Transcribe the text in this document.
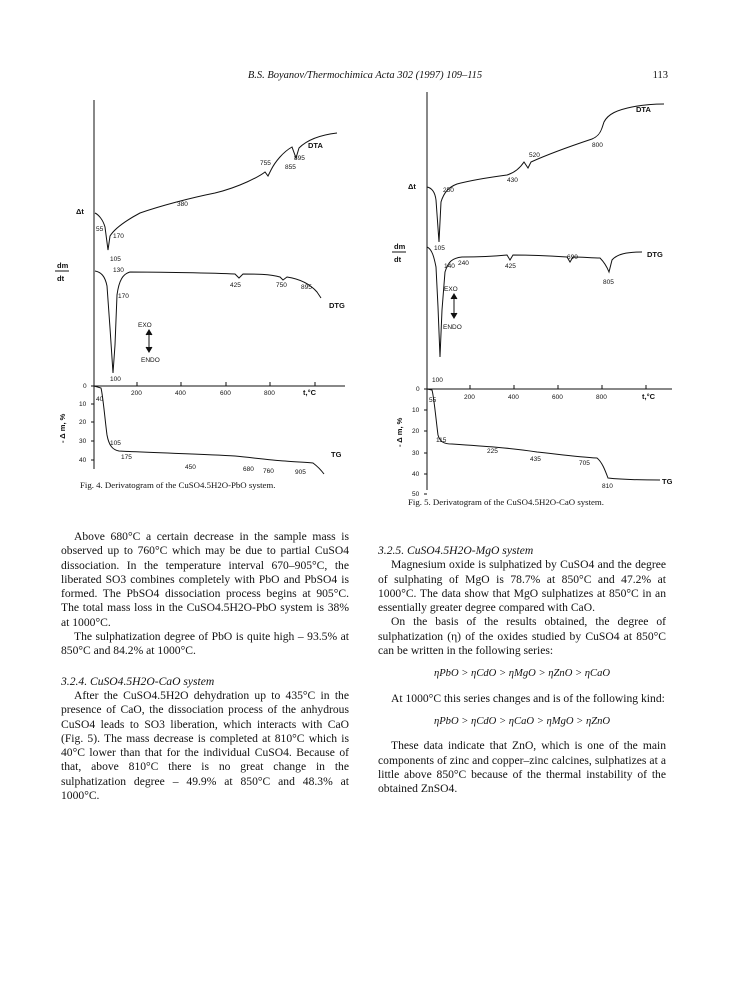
B.S. Boyanov/Thermochimica Acta 302 (1997) 109–115	113
DTA
DTG
TG
Δt
dm
dt
EXO
ENDO
t,°C
- Δ m, %
200	400	600	800
0
10
20
30
40
55
170
105
380
755
855
895
130
170
425	750 895
100
40
105
175
450	680 760	905
Fig. 4. Derivatogram of the CuSO4.5H2O-PbO system.
DTA
DTG
TG
Δt
dm
dt
EXO
ENDO
t,°C
- Δ m, %
200	400	600	800
0
10
20
30
40
50
520
430
800
250
105
140 240	425
690
805
100
55
115
225
435
705
810
Fig. 5. Derivatogram of the CuSO4.5H2O-CaO system.

Above 680°C a certain decrease in the sample mass is observed up to 760°C which may be due to partial CuSO4 dissociation. In the temperature interval 670–905°C, the liberated SO3 combines completely with PbO and PbSO4 is formed. The PbSO4 dissociation process begins at 905°C. The total mass loss in the CuSO4.5H2O-PbO system is 38% at 1000°C.

The sulphatization degree of PbO is quite high – 93.5% at 850°C and 84.2% at 1000°C.

3.2.4. CuSO4.5H2O-CaO system

After the CuSO4.5H2O dehydration up to 435°C in the presence of CaO, the dissociation process of the anhydrous CuSO4 leads to SO3 liberation, which interacts with CaO (Fig. 5). The mass decrease is completed at 810°C which is 40°C lower than that for the individual CuSO4. Because of that, above 810°C there is no great change in the sulphatization degree – 49.9% at 850°C and 48.3% at 1000°C.

3.2.5. CuSO4.5H2O-MgO system

Magnesium oxide is sulphatized by CuSO4 and the degree of sulphating of MgO is 78.7% at 850°C and 47.2% at 1000°C. The data show that MgO sulphatizes at 850°C in an essentially greater degree compared with CaO.

On the basis of the results obtained, the degree of sulphatization (η) of the oxides studied by CuSO4 at 850°C can be written in the following series:

ηPbO > ηCdO > ηMgO > ηZnO > ηCaO

At 1000°C this series changes and is of the following kind:

ηPbO > ηCdO > ηCaO > ηMgO > ηZnO

These data indicate that ZnO, which is one of the main components of zinc and copper–zinc calcines, sulphatizes at a little above 850°C because of the thermal instability of the obtained ZnSO4.
